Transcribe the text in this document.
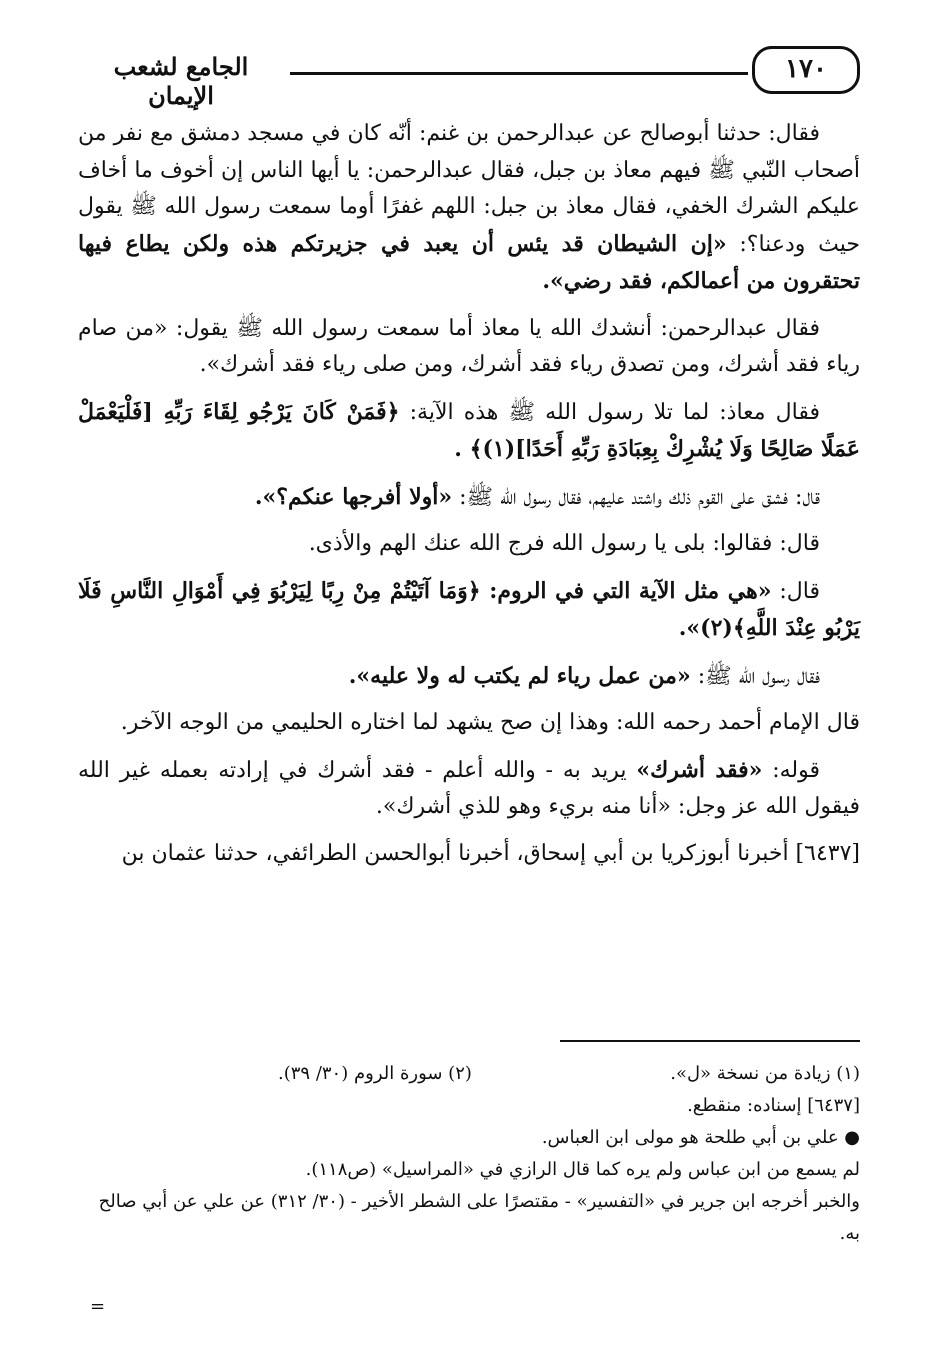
الجامع لشعب الإيمان
١٧٠

فقال: حدثنا أبوصالح عن عبدالرحمن بن غنم: أنّه كان في مسجد دمشق مع نفر من أصحاب النّبي ﷺ فيهم معاذ بن جبل، فقال عبدالرحمن: يا أيها الناس إن أخوف ما أخاف عليكم الشرك الخفي، فقال معاذ بن جبل: اللهم غفرًا أوما سمعت رسول الله ﷺ يقول حيث ودعنا؟: «إن الشيطان قد يئس أن يعبد في جزيرتكم هذه ولكن يطاع فيها تحتقرون من أعمالكم، فقد رضي».

فقال عبدالرحمن: أنشدك الله يا معاذ أما سمعت رسول الله ﷺ يقول: «من صام رياء فقد أشرك، ومن تصدق رياء فقد أشرك، ومن صلى رياء فقد أشرك».

فقال معاذ: لما تلا رسول الله ﷺ هذه الآية: ﴿فَمَنْ كَانَ يَرْجُو لِقَاءَ رَبِّهِ [فَلْيَعْمَلْ عَمَلًا صَالِحًا وَلَا يُشْرِكْ بِعِبَادَةِ رَبِّهِ أَحَدًا](١)﴾ .

قال: فشق على القوم ذلك واشتد عليهم، فقال رسول الله ﷺ: «أولا أفرجها عنكم؟».

قال: فقالوا: بلى يا رسول الله فرج الله عنك الهم والأذى.

قال: «هي مثل الآية التي في الروم: ﴿وَمَا آتَيْتُمْ مِنْ رِبًا لِيَرْبُوَ فِي أَمْوَالِ النَّاسِ فَلَا يَرْبُو عِنْدَ اللَّهِ﴾(٢)».

فقال رسول الله ﷺ: «من عمل رياء لم يكتب له ولا عليه».

قال الإمام أحمد رحمه الله: وهذا إن صح يشهد لما اختاره الحليمي من الوجه الآخر.

قوله: «فقد أشرك» يريد به - والله أعلم - فقد أشرك في إرادته بعمله غير الله فيقول الله عز وجل: «أنا منه بريء وهو للذي أشرك».

[٦٤٣٧] أخبرنا أبوزكريا بن أبي إسحاق، أخبرنا أبوالحسن الطرائفي، حدثنا عثمان بن

(١) زيادة من نسخة «ل».
(٢) سورة الروم (٣٠/ ٣٩).
[٦٤٣٧] إسناده: منقطع.
● علي بن أبي طلحة هو مولى ابن العباس.
لم يسمع من ابن عباس ولم يره كما قال الرازي في «المراسيل» (ص١١٨).
والخبر أخرجه ابن جرير في «التفسير» - مقتصرًا على الشطر الأخير - (٣٠/ ٣١٢) عن علي عن أبي صالح به.
=
